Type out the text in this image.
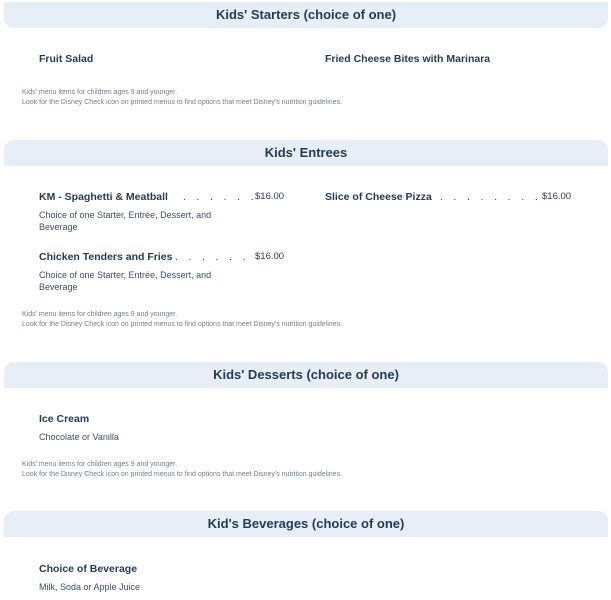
Kids' Starters (choice of one)
Fruit Salad	Fried Cheese Bites with Marinara
Kids' menu items for children ages 9 and younger.
Look for the Disney Check icon on printed menus to find options that meet Disney's nutrition guidelines.
Kids' Entrees
KM - Spaghetti & Meatball . . . . . .
$16.00
Choice of one Starter, Entrée, Dessert, and Beverage
Slice of Cheese Pizza . . . . . . . . $16.00
Chicken Tenders and Fries . . . . . . .
$16.00
Choice of one Starter, Entrée, Dessert, and Beverage
Kids' menu items for children ages 9 and younger.
Look for the Disney Check icon on printed menus to find options that meet Disney's nutrition guidelines.
Kids' Desserts (choice of one)
Ice Cream
Chocolate or Vanilla
Kids' menu items for children ages 9 and younger.
Look for the Disney Check icon on printed menus to find options that meet Disney's nutrition guidelines.
Kid's Beverages (choice of one)
Choice of Beverage
Milk, Soda or Apple Juice
